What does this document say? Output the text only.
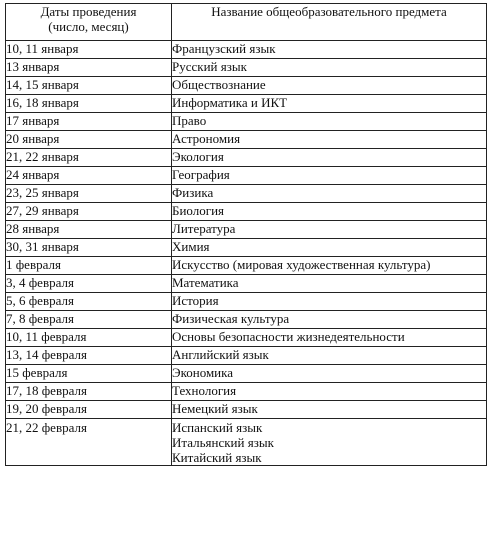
Даты проведения
(число, месяц)	Название общеобразовательного предмета
10, 11 января	Французский язык
13 января	Русский язык
14, 15 января	Обществознание
16, 18 января	Информатика и ИКТ
17 января	Право
20 января	Астрономия
21, 22 января	Экология
24 января	География
23, 25 января	Физика
27, 29 января	Биология
28 января	Литература
30, 31 января	Химия
1 февраля	Искусство (мировая художественная культура)
3, 4 февраля	Математика
5, 6 февраля	История
7, 8 февраля	Физическая культура
10, 11 февраля	Основы безопасности жизнедеятельности
13, 14 февраля	Английский язык
15 февраля	Экономика
17, 18 февраля	Технология
19, 20 февраля	Немецкий язык
21, 22 февраля	Испанский язык
Итальянский язык
Китайский язык
